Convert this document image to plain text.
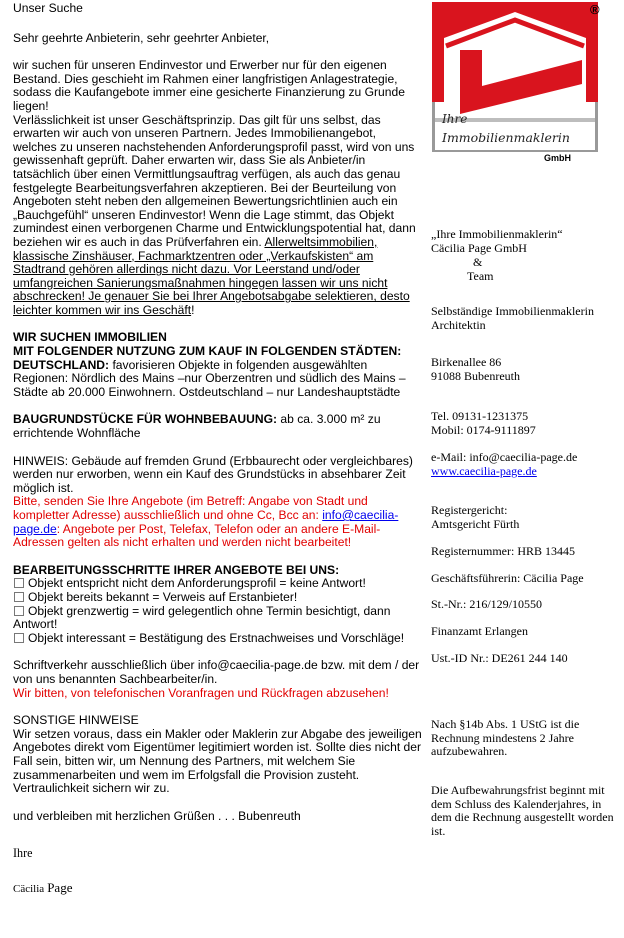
Unser Suche

Sehr geehrte Anbieterin, sehr geehrter Anbieter,

wir suchen für unseren Endinvestor und Erwerber nur für den eigenen Bestand. Dies geschieht im Rahmen einer langfristigen Anlagestrategie, sodass die Kaufangebote immer eine gesicherte Finanzierung zu Grunde liegen!

Verlässlichkeit ist unser Geschäftsprinzip. Das gilt für uns selbst, das erwarten wir auch von unseren Partnern. Jedes Immobilienangebot, welches zu unseren nachstehenden Anforderungsprofil passt, wird von uns gewissenhaft geprüft. Daher erwarten wir, dass Sie als Anbieter/in tatsächlich über einen Vermittlungsauftrag verfügen, als auch das genau festgelegte Bearbeitungsverfahren akzeptieren. Bei der Beurteilung von Angeboten steht neben den allgemeinen Bewertungsrichtlinien auch ein „Bauchgefühl“ unseren Endinvestor! Wenn die Lage stimmt, das Objekt zumindest einen verborgenen Charme und Entwicklungspotential hat, dann beziehen wir es auch in das Prüfverfahren ein. Allerweltsimmobilien, klassische Zinshäuser, Fachmarktzentren oder „Verkaufskisten“ am Stadtrand gehören allerdings nicht dazu. Vor Leerstand und/oder umfangreichen Sanierungsmaßnahmen hingegen lassen wir uns nicht abschrecken! Je genauer Sie bei Ihrer Angebotsabgabe selektieren, desto leichter kommen wir ins Geschäft!

WIR SUCHEN IMMOBILIEN

MIT FOLGENDER NUTZUNG ZUM KAUF IN FOLGENDEN STÄDTEN:

DEUTSCHLAND: favorisieren Objekte in folgenden ausgewählten Regionen: Nördlich des Mains –nur Oberzentren und südlich des Mains – Städte ab 20.000 Einwohnern. Ostdeutschland – nur Landeshauptstädte

BAUGRUNDSTÜCKE FÜR WOHNBEBAUUNG: ab ca. 3.000 m² zu errichtende Wohnfläche

HINWEIS: Gebäude auf fremden Grund (Erbbaurecht oder vergleichbares) werden nur erworben, wenn ein Kauf des Grundstücks in absehbarer Zeit möglich ist.

Bitte, senden Sie Ihre Angebote (im Betreff: Angabe von Stadt und kompletter Adresse) ausschließlich und ohne Cc, Bcc an: info@caecilia-page.de: Angebote per Post, Telefax, Telefon oder an andere E-Mail-Adressen gelten als nicht erhalten und werden nicht bearbeitet!

BEARBEITUNGSSCHRITTE IHRER ANGEBOTE BEI UNS:

Objekt entspricht nicht dem Anforderungsprofil = keine Antwort!

Objekt bereits bekannt = Verweis auf Erstanbieter!

Objekt grenzwertig = wird gelegentlich ohne Termin besichtigt, dann Antwort!

Objekt interessant = Bestätigung des Erstnachweises und Vorschläge!

Schriftverkehr ausschließlich über info@caecilia-page.de bzw. mit dem / der von uns benannten Sachbearbeiter/in.

Wir bitten, von telefonischen Voranfragen und Rückfragen abzusehen!

SONSTIGE HINWEISE

Wir setzen voraus, dass ein Makler oder Maklerin zur Abgabe des jeweiligen Angebotes direkt vom Eigentümer legitimiert worden ist. Sollte dies nicht der Fall sein, bitten wir, um Nennung des Partners, mit welchem Sie zusammenarbeiten und wem im Erfolgsfall die Provision zusteht. Vertraulichkeit sichern wir zu.

und verbleiben mit herzlichen Grüßen . . . Bubenreuth

Ihre

Cäcilia Page

®
Ihre
Immobilienmaklerin
GmbH

„Ihre Immobilienmaklerin“

Cäcilia Page GmbH

&

Team

Selbständige Immobilienmaklerin

Architektin

Birkenallee 86

91088 Bubenreuth

Tel. 09131-1231375

Mobil: 0174-9111897

e-Mail: info@caecilia-page.de

www.caecilia-page.de

Registergericht:

Amtsgericht Fürth

Registernummer: HRB 13445

Geschäftsführerin: Cäcilia Page

St.-Nr.: 216/129/10550

Finanzamt Erlangen

Ust.-ID Nr.: DE261 244 140

Nach §14b Abs. 1 UStG ist die Rechnung mindestens 2 Jahre aufzubewahren.

Die Aufbewahrungsfrist beginnt mit dem Schluss des Kalenderjahres, in dem die Rechnung ausgestellt worden ist.
